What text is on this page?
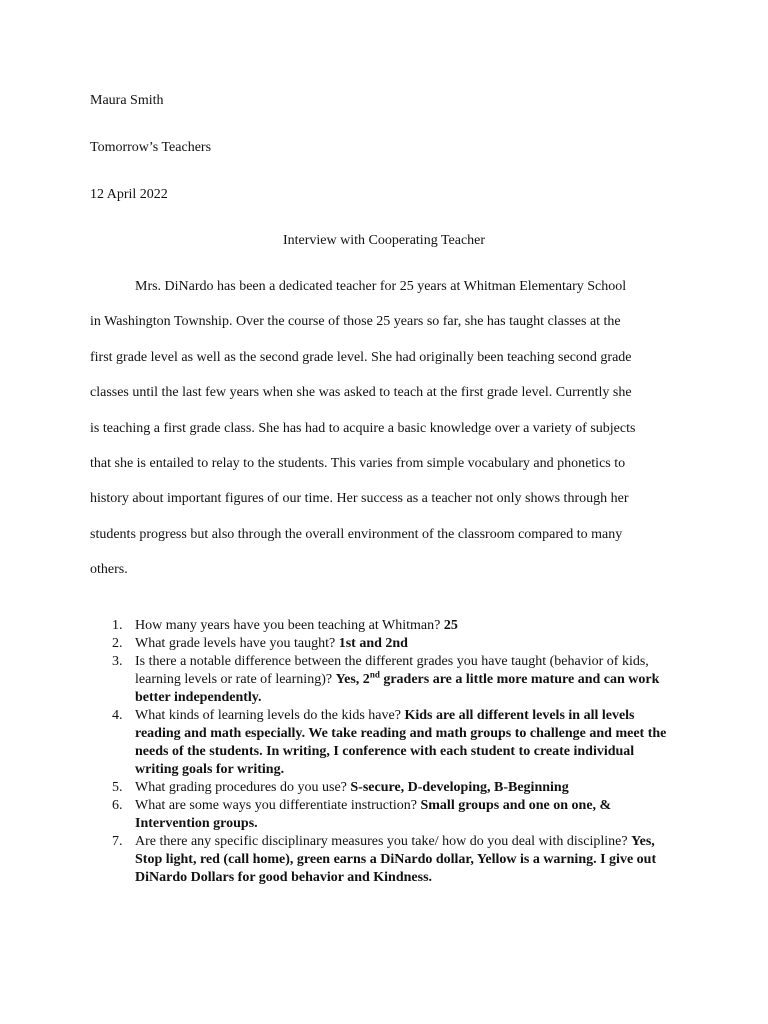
Maura Smith
Tomorrow’s Teachers
12 April 2022
Interview with Cooperating Teacher
Mrs. DiNardo has been a dedicated teacher for 25 years at Whitman Elementary School
in Washington Township. Over the course of those 25 years so far, she has taught classes at the
first grade level as well as the second grade level. She had originally been teaching second grade
classes until the last few years when she was asked to teach at the first grade level. Currently she
is teaching a first grade class. She has had to acquire a basic knowledge over a variety of subjects
that she is entailed to relay to the students. This varies from simple vocabulary and phonetics to
history about important figures of our time. Her success as a teacher not only shows through her
students progress but also through the overall environment of the classroom compared to many
others.
1. How many years have you been teaching at Whitman? 25
2. What grade levels have you taught? 1st and 2nd
3. Is there a notable difference between the different grades you have taught (behavior of kids, learning levels or rate of learning)? Yes, 2nd graders are a little more mature and can work better independently.
4. What kinds of learning levels do the kids have? Kids are all different levels in all levels reading and math especially. We take reading and math groups to challenge and meet the needs of the students. In writing, I conference with each student to create individual writing goals for writing.
5. What grading procedures do you use? S-secure, D-developing, B-Beginning
6. What are some ways you differentiate instruction? Small groups and one on one, & Intervention groups.
7. Are there any specific disciplinary measures you take/ how do you deal with discipline? Yes, Stop light, red (call home), green earns a DiNardo dollar, Yellow is a warning. I give out DiNardo Dollars for good behavior and Kindness.
